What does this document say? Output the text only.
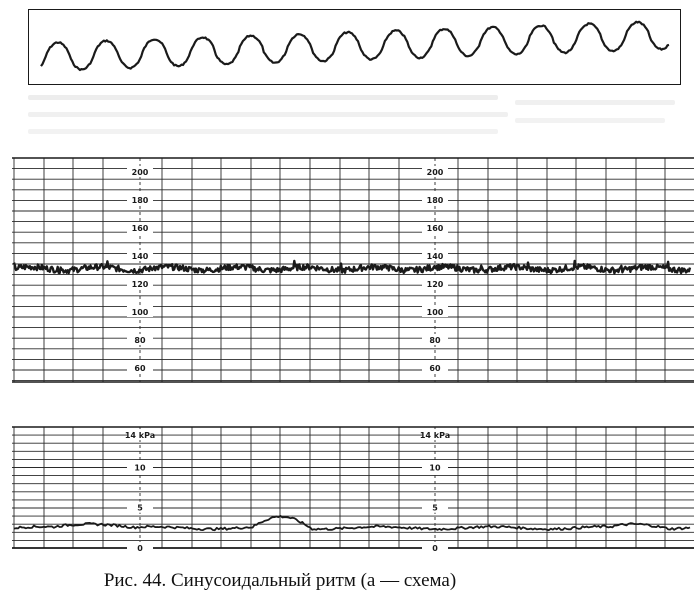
200
180
160
140
120
100
80
60
200
180
160
140
120
100
80
60
14 kPa
10
5
0
14 kPa
10
5
0
Рис. 44. Синусоидальный ритм (а — схема)
